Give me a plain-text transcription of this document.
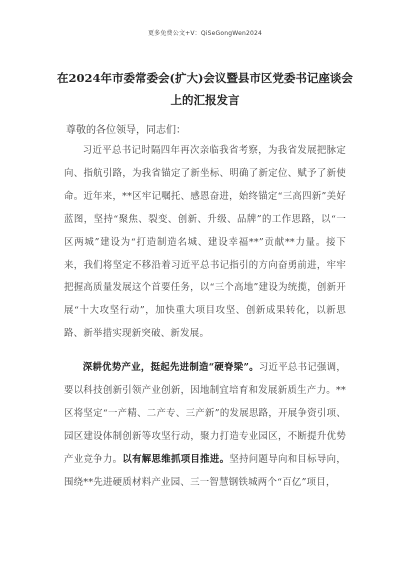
更多免费公文+V：QiSeGongWen2024
在2024年市委常委会(扩大)会议暨县市区党委书记座谈会
上的汇报发言
尊敬的各位领导，同志们：
习近平总书记时隔四年再次亲临我省考察，为我省发展把脉定向、指航引路，为我省锚定了新坐标、明确了新定位、赋予了新使命。近年来，**区牢记嘱托、感恩奋进，始终锚定“三高四新”美好蓝图，坚持“聚焦、裂变、创新、升级、品牌”的工作思路，以“一区两城”建设为“打造制造名城、建设幸福**”贡献**力量。接下来，我们将坚定不移沿着习近平总书记指引的方向奋勇前进，牢牢把握高质量发展这个首要任务，以“三个高地”建设为统揽，创新开展“十大攻坚行动”，加快重大项目攻坚、创新成果转化，以新思路、新举措实现新突破、新发展。
深耕优势产业，挺起先进制造“硬脊梁”。习近平总书记强调，要以科技创新引领产业创新，因地制宜培育和发展新质生产力。**区将坚定“一产精、二产专、三产新”的发展思路，开展争资引项、园区建设体制创新等攻坚行动，聚力打造专业园区，不断提升优势产业竞争力。以有解思维抓项目推进。坚持问题导向和目标导向，围绕**先进硬质材料产业园、三一智慧钢铁城两个“百亿”项目，
